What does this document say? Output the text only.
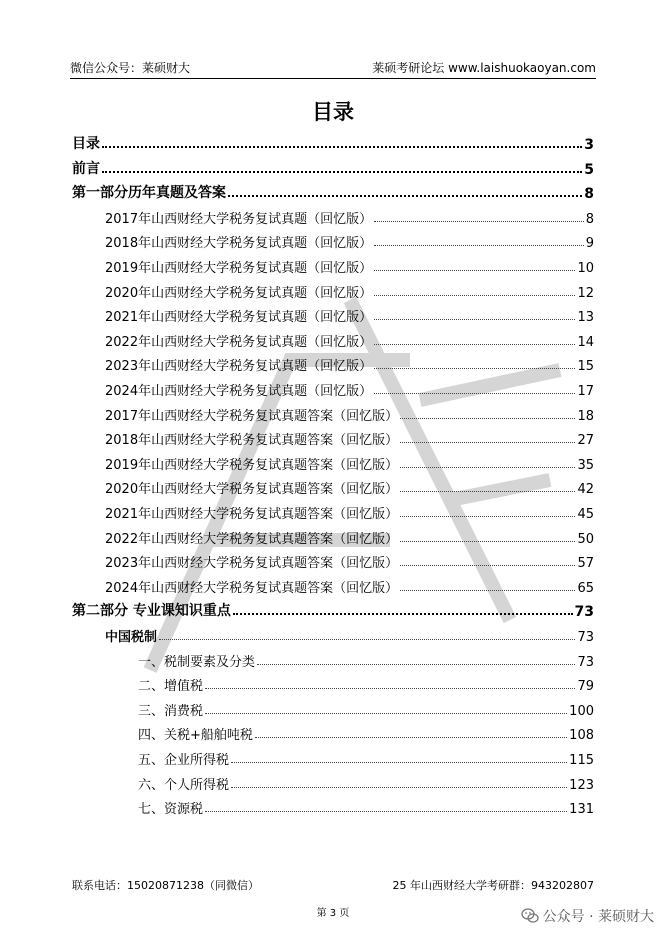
微信公众号：莱硕财大	莱硕考研论坛 www.laishuokaoyan.com
目录
目录	3
前言	5
第一部分历年真题及答案	8
2017年山西财经大学税务复试真题（回忆版）	8
2018年山西财经大学税务复试真题（回忆版）	9
2019年山西财经大学税务复试真题（回忆版）	10
2020年山西财经大学税务复试真题（回忆版）	12
2021年山西财经大学税务复试真题（回忆版）	13
2022年山西财经大学税务复试真题（回忆版）	14
2023年山西财经大学税务复试真题（回忆版）	15
2024年山西财经大学税务复试真题（回忆版）	17
2017年山西财经大学税务复试真题答案（回忆版）	18
2018年山西财经大学税务复试真题答案（回忆版）	27
2019年山西财经大学税务复试真题答案（回忆版）	35
2020年山西财经大学税务复试真题答案（回忆版）	42
2021年山西财经大学税务复试真题答案（回忆版）	45
2022年山西财经大学税务复试真题答案（回忆版）	50
2023年山西财经大学税务复试真题答案（回忆版）	57
2024年山西财经大学税务复试真题答案（回忆版）	65
第二部分 专业课知识重点	73
中国税制	73
一、税制要素及分类	73
二、增值税	79
三、消费税	100
四、关税+船舶吨税	108
五、企业所得税	115
六、个人所得税	123
七、资源税	131
联系电话：15020871238（同微信）	25 年山西财经大学考研群：943202807
第 3 页	公众号 · 莱硕财大
